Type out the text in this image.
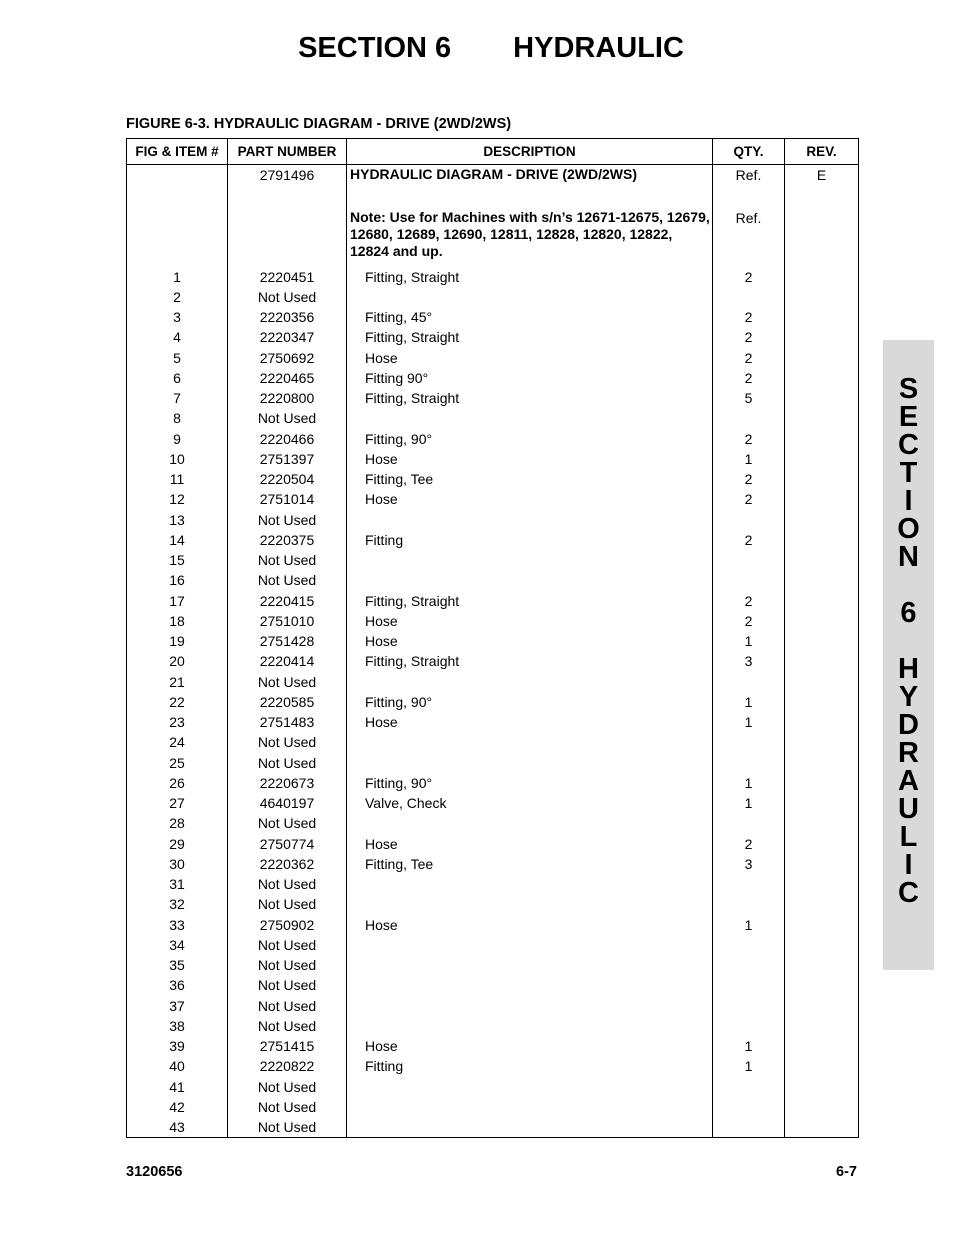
SECTION 6 HYDRAULIC
FIGURE 6-3. HYDRAULIC DIAGRAM - DRIVE (2WD/2WS)
FIG & ITEM #	PART NUMBER	DESCRIPTION	QTY.	REV.
	2791496	HYDRAULIC DIAGRAM - DRIVE (2WD/2WS)	Ref.	E

		Note: Use for Machines with s/n’s 12671-12675, 12679, 12680, 12689, 12690, 12811, 12828, 12820, 12822, 12824 and up.	Ref.	
1	2220451	Fitting, Straight	2	
2	Not Used			
3	2220356	Fitting, 45°	2	
4	2220347	Fitting, Straight	2	
5	2750692	Hose	2	
6	2220465	Fitting 90°	2	
7	2220800	Fitting, Straight	5	
8	Not Used			
9	2220466	Fitting, 90°	2	
10	2751397	Hose	1	
11	2220504	Fitting, Tee	2	
12	2751014	Hose	2	
13	Not Used			
14	2220375	Fitting	2	
15	Not Used			
16	Not Used			
17	2220415	Fitting, Straight	2	
18	2751010	Hose	2	
19	2751428	Hose	1	
20	2220414	Fitting, Straight	3	
21	Not Used			
22	2220585	Fitting, 90°	1	
23	2751483	Hose	1	
24	Not Used			
25	Not Used			
26	2220673	Fitting, 90°	1	
27	4640197	Valve, Check	1	
28	Not Used			
29	2750774	Hose	2	
30	2220362	Fitting, Tee	3	
31	Not Used			
32	Not Used			
33	2750902	Hose	1	
34	Not Used			
35	Not Used			
36	Not Used			
37	Not Used			
38	Not Used			
39	2751415	Hose	1	
40	2220822	Fitting	1	
41	Not Used			
42	Not Used			
43	Not Used			
S
E
C
T
I
O
N
6
H
Y
D
R
A
U
L
I
C
3120656	6-7
